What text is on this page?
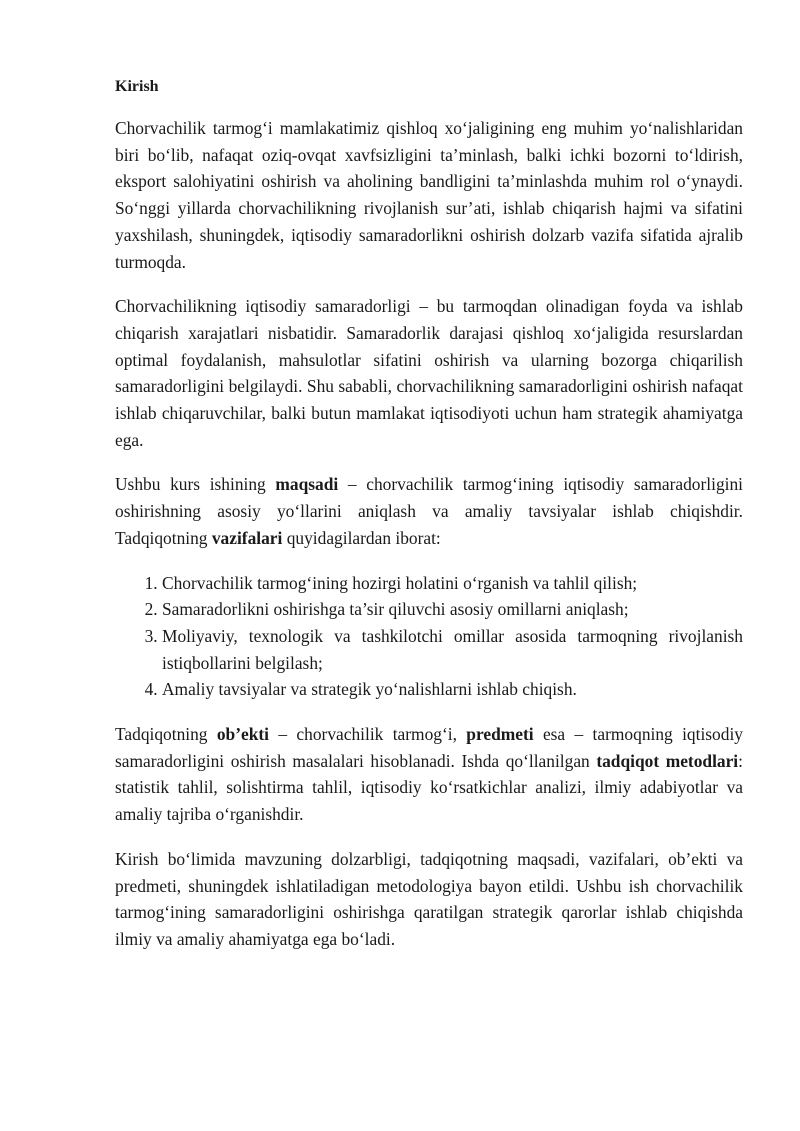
Kirish

Chorvachilik tarmog‘i mamlakatimiz qishloq xo‘jaligining eng muhim yo‘nalishlaridan biri bo‘lib, nafaqat oziq-ovqat xavfsizligini ta’minlash, balki ichki bozorni to‘ldirish, eksport salohiyatini oshirish va aholining bandligini ta’minlashda muhim rol o‘ynaydi. So‘nggi yillarda chorvachilikning rivojlanish sur’ati, ishlab chiqarish hajmi va sifatini yaxshilash, shuningdek, iqtisodiy samaradorlikni oshirish dolzarb vazifa sifatida ajralib turmoqda.

Chorvachilikning iqtisodiy samaradorligi – bu tarmoqdan olinadigan foyda va ishlab chiqarish xarajatlari nisbatidir. Samaradorlik darajasi qishloq xo‘jaligida resurslardan optimal foydalanish, mahsulotlar sifatini oshirish va ularning bozorga chiqarilish samaradorligini belgilaydi. Shu sababli, chorvachilikning samaradorligini oshirish nafaqat ishlab chiqaruvchilar, balki butun mamlakat iqtisodiyoti uchun ham strategik ahamiyatga ega.

Ushbu kurs ishining maqsadi – chorvachilik tarmog‘ining iqtisodiy samaradorligini oshirishning asosiy yo‘llarini aniqlash va amaliy tavsiyalar ishlab chiqishdir. Tadqiqotning vazifalari quyidagilardan iborat:

1. Chorvachilik tarmog‘ining hozirgi holatini o‘rganish va tahlil qilish;
2. Samaradorlikni oshirishga ta’sir qiluvchi asosiy omillarni aniqlash;
3. Moliyaviy, texnologik va tashkilotchi omillar asosida tarmoqning rivojlanish istiqbollarini belgilash;
4. Amaliy tavsiyalar va strategik yo‘nalishlarni ishlab chiqish.

Tadqiqotning ob’ekti – chorvachilik tarmog‘i, predmeti esa – tarmoqning iqtisodiy samaradorligini oshirish masalalari hisoblanadi. Ishda qo‘llanilgan tadqiqot metodlari: statistik tahlil, solishtirma tahlil, iqtisodiy ko‘rsatkichlar analizi, ilmiy adabiyotlar va amaliy tajriba o‘rganishdir.

Kirish bo‘limida mavzuning dolzarbligi, tadqiqotning maqsadi, vazifalari, ob’ekti va predmeti, shuningdek ishlatiladigan metodologiya bayon etildi. Ushbu ish chorvachilik tarmog‘ining samaradorligini oshirishga qaratilgan strategik qarorlar ishlab chiqishda ilmiy va amaliy ahamiyatga ega bo‘ladi.
